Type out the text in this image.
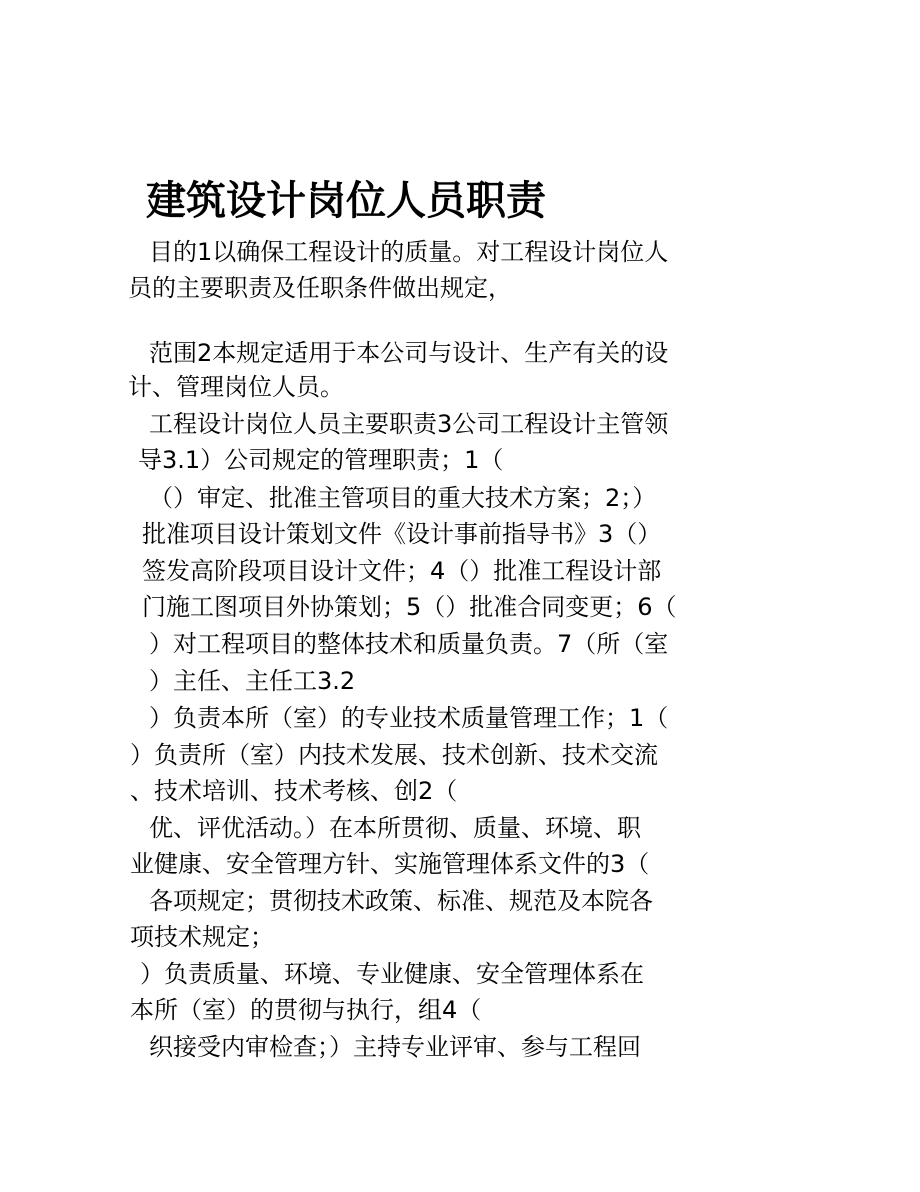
建筑设计岗位人员职责

目的1以确保工程设计的质量。对工程设计岗位人

员的主要职责及任职条件做出规定，

范围2本规定适用于本公司与设计、生产有关的设

计、管理岗位人员。

工程设计岗位人员主要职责3公司工程设计主管领

导3.1）公司规定的管理职责；1（

（）审定、批准主管项目的重大技术方案；2；）

批准项目设计策划文件《设计事前指导书》3（）

签发高阶段项目设计文件；4（）批准工程设计部

门施工图项目外协策划；5（）批准合同变更；6（

）对工程项目的整体技术和质量负责。7（所（室

）主任、主任工3.2

）负责本所（室）的专业技术质量管理工作；1（

）负责所（室）内技术发展、技术创新、技术交流

、技术培训、技术考核、创2（

优、评优活动。）在本所贯彻、质量、环境、职

业健康、安全管理方针、实施管理体系文件的3（

各项规定；贯彻技术政策、标准、规范及本院各

项技术规定；

）负责质量、环境、专业健康、安全管理体系在

本所（室）的贯彻与执行，组4（

织接受内审检查；）主持专业评审、参与工程回
